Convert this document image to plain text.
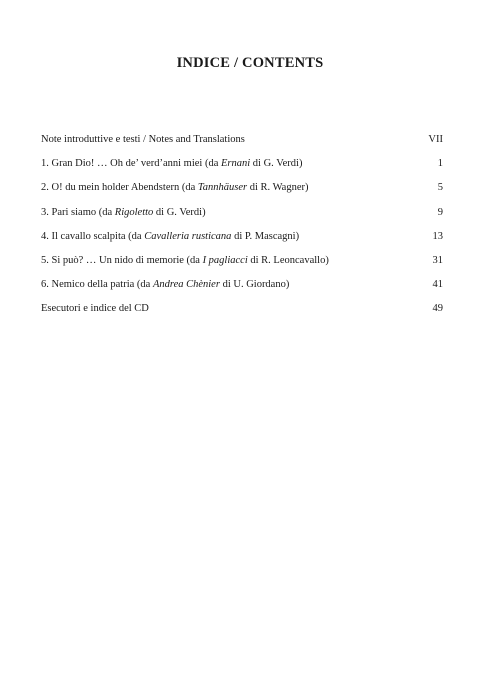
INDICE / CONTENTS
Note introduttive e testi / Notes and Translations	VII
1. Gran Dio! … Oh de’ verd’anni miei (da Ernani di G. Verdi)	1
2. O! du mein holder Abendstern (da Tannhäuser di R. Wagner)	5
3. Pari siamo (da Rigoletto di G. Verdi)	9
4. Il cavallo scalpita (da Cavalleria rusticana di P. Mascagni)	13
5. Si può? … Un nido di memorie (da I pagliacci di R. Leoncavallo)	31
6. Nemico della patria (da Andrea Chènier di U. Giordano)	41
Esecutori e indice del CD	49
